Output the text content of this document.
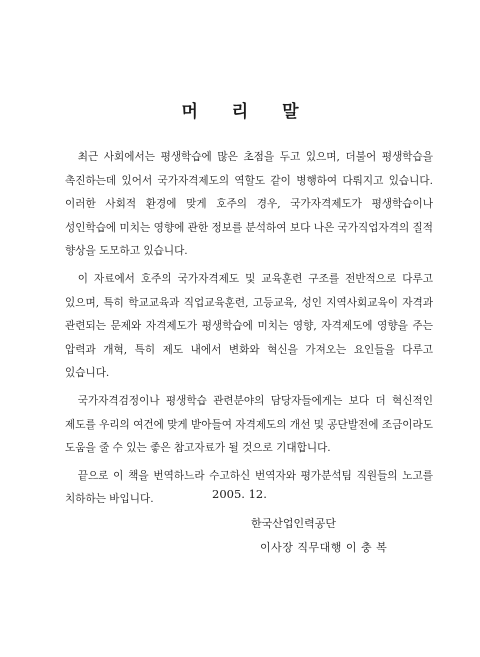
머 리 말

최근 사회에서는 평생학습에 많은 초점을 두고 있으며, 더불어 평생학습을 촉진하는데 있어서 국가자격제도의 역할도 같이 병행하여 다뤄지고 있습니다. 이러한 사회적 환경에 맞게 호주의 경우, 국가자격제도가 평생학습이나 성인학습에 미치는 영향에 관한 정보를 분석하여 보다 나은 국가직업자격의 질적 향상을 도모하고 있습니다.

이 자료에서 호주의 국가자격제도 및 교육훈련 구조를 전반적으로 다루고 있으며, 특히 학교교육과 직업교육훈련, 고등교육, 성인 지역사회교육이 자격과 관련되는 문제와 자격제도가 평생학습에 미치는 영향, 자격제도에 영향을 주는 압력과 개혁, 특히 제도 내에서 변화와 혁신을 가져오는 요인들을 다루고 있습니다.

국가자격검정이나 평생학습 관련분야의 담당자들에게는 보다 더 혁신적인 제도를 우리의 여건에 맞게 받아들여 자격제도의 개선 및 공단발전에 조금이라도 도움을 줄 수 있는 좋은 참고자료가 될 것으로 기대합니다.

끝으로 이 책을 번역하느라 수고하신 번역자와 평가분석팀 직원들의 노고를 치하하는 바입니다.	2005. 12.
한국산업인력공단
이사장 직무대행 이 충 복
